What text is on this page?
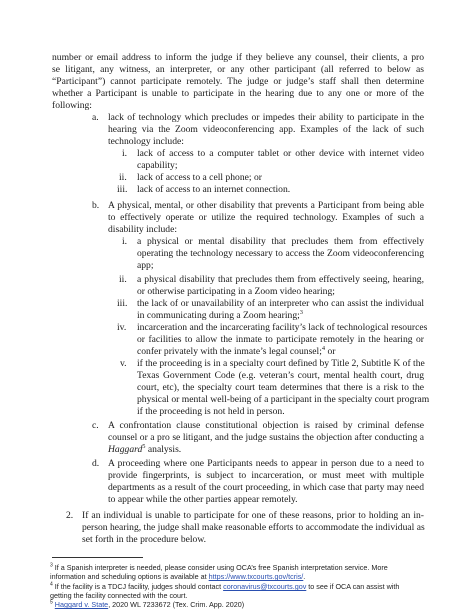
number or email address to inform the judge if they believe any counsel, their clients, a pro
se litigant, any witness, an interpreter, or any other participant (all referred to below as
“Participant”) cannot participate remotely. The judge or judge’s staff shall then determine
whether a Participant is unable to participate in the hearing due to any one or more of the
following:
a. lack of technology which precludes or impedes their ability to participate in the
hearing via the Zoom videoconferencing app. Examples of the lack of such
technology include:
i. lack of access to a computer tablet or other device with internet video
capability;
ii. lack of access to a cell phone; or
iii. lack of access to an internet connection.
b. A physical, mental, or other disability that prevents a Participant from being able
to effectively operate or utilize the required technology. Examples of such a
disability include:
i. a physical or mental disability that precludes them from effectively
operating the technology necessary to access the Zoom videoconferencing
app;
ii. a physical disability that precludes them from effectively seeing, hearing,
or otherwise participating in a Zoom video hearing;
iii. the lack of or unavailability of an interpreter who can assist the individual
in communicating during a Zoom hearing;$^3$
iv. incarceration and the incarcerating facility’s lack of technological resources
or facilities to allow the inmate to participate remotely in the hearing or
confer privately with the inmate’s legal counsel;$^4$ or
v. if the proceeding is in a specialty court defined by Title 2, Subtitle K of the
Texas Government Code (e.g. veteran’s court, mental health court, drug
court, etc), the specialty court team determines that there is a risk to the
physical or mental well-being of a participant in the specialty court program
if the proceeding is not held in person.
c. A confrontation clause constitutional objection is raised by criminal defense
counsel or a pro se litigant, and the judge sustains the objection after conducting a
Haggard$^5$ analysis.
d. A proceeding where one Participants needs to appear in person due to a need to
provide fingerprints, is subject to incarceration, or must meet with multiple
departments as a result of the court proceeding, in which case that party may need
to appear while the other parties appear remotely.
2. If an individual is unable to participate for one of these reasons, prior to holding an in-
person hearing, the judge shall make reasonable efforts to accommodate the individual as
set forth in the procedure below.
$^3$ If a Spanish interpreter is needed, please consider using OCA’s free Spanish interpretation service. More
information and scheduling options is available at https://www.txcourts.gov/tcris/.
$^4$ If the facility is a TDCJ facility, judges should contact coronavirus@txcourts.gov to see if OCA can assist with
getting the facility connected with the court.
$^5$ Haggard v. State, 2020 WL 7233672 (Tex. Crim. App. 2020)
